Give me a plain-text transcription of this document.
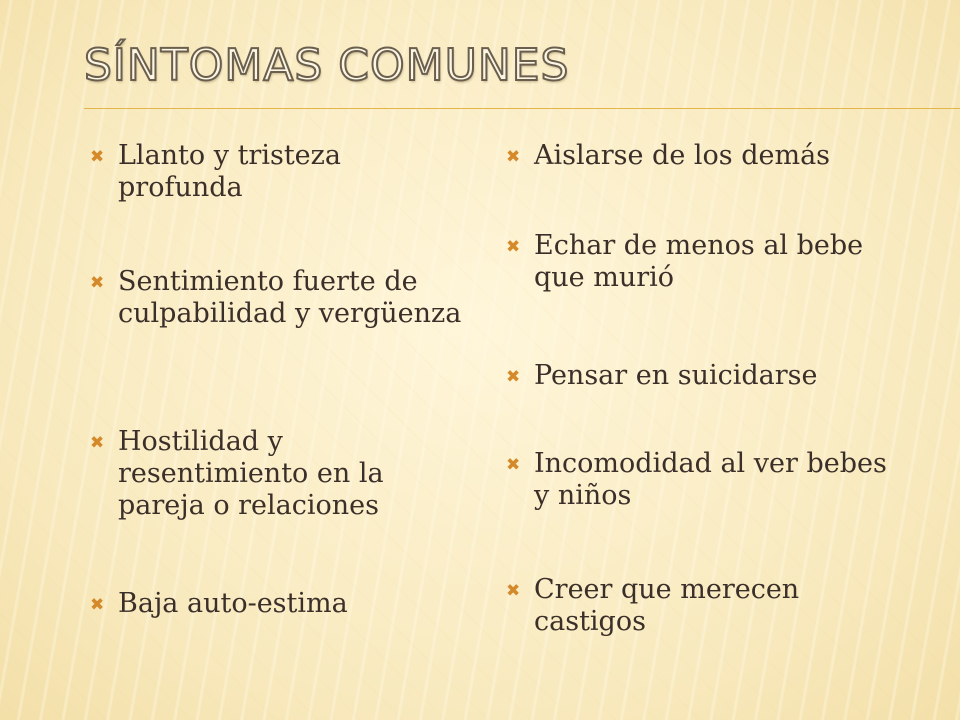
SÍNTOMAS COMUNES
✖ Llanto y tristeza profunda
✖ Sentimiento fuerte de culpabilidad y vergüenza
✖ Hostilidad y resentimiento en la pareja o relaciones
✖ Baja auto-estima
✖ Aislarse de los demás
✖ Echar de menos al bebe que murió
✖ Pensar en suicidarse
✖ Incomodidad al ver bebes y niños
✖ Creer que merecen castigos
